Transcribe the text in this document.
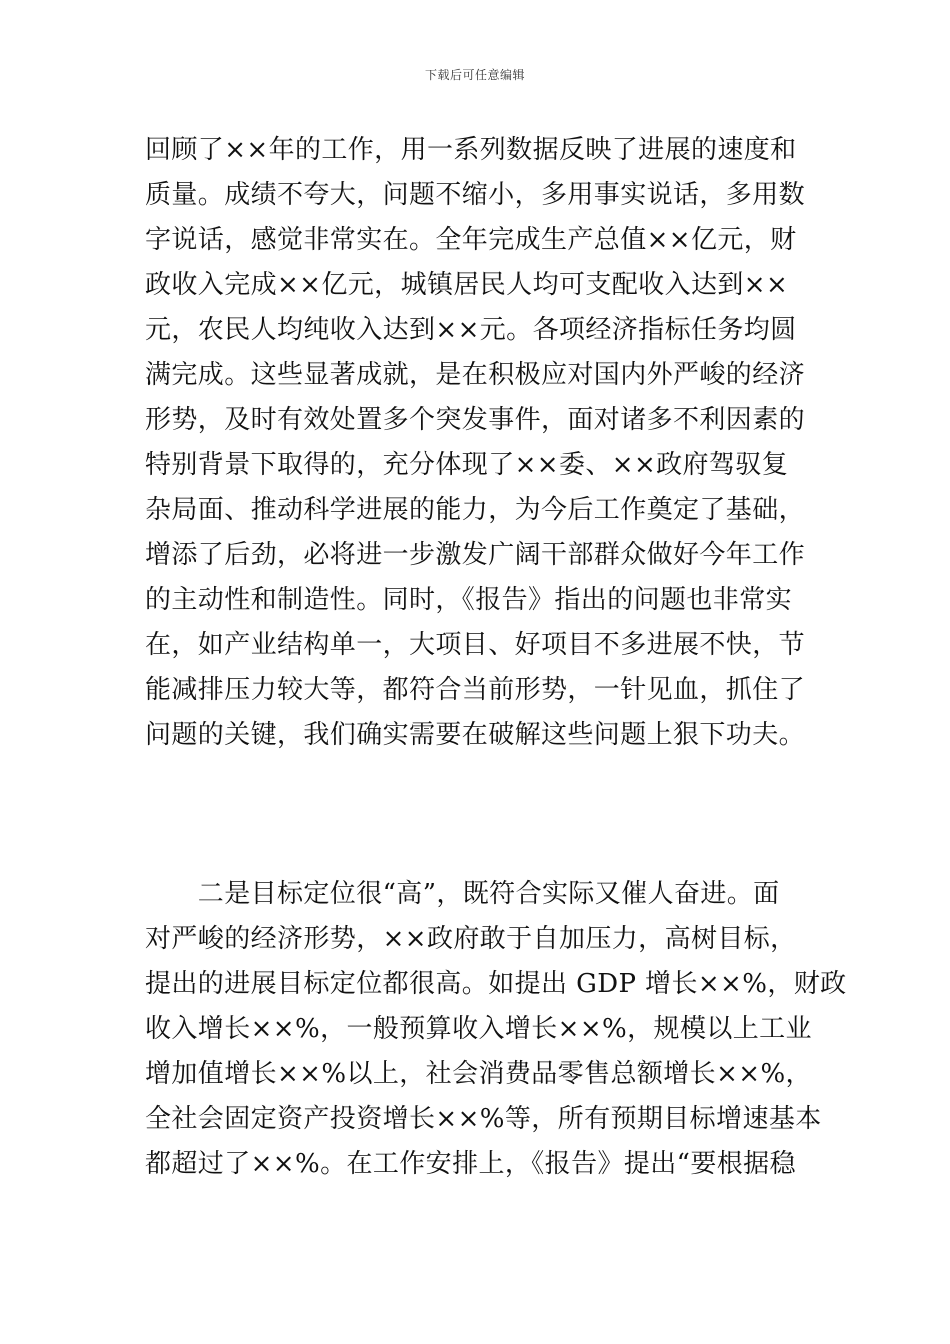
下载后可任意编辑
回顾了××年的工作，用一系列数据反映了进展的速度和
质量。成绩不夸大，问题不缩小，多用事实说话，多用数
字说话，感觉非常实在。全年完成生产总值××亿元，财
政收入完成××亿元，城镇居民人均可支配收入达到××
元，农民人均纯收入达到××元。各项经济指标任务均圆
满完成。这些显著成就，是在积极应对国内外严峻的经济
形势，及时有效处置多个突发事件，面对诸多不利因素的
特别背景下取得的，充分体现了××委、××政府驾驭复
杂局面、推动科学进展的能力，为今后工作奠定了基础，
增添了后劲，必将进一步激发广阔干部群众做好今年工作
的主动性和制造性。同时，《报告》指出的问题也非常实
在，如产业结构单一，大项目、好项目不多进展不快，节
能减排压力较大等，都符合当前形势，一针见血，抓住了
问题的关键，我们确实需要在破解这些问题上狠下功夫。
　　二是目标定位很“高”，既符合实际又催人奋进。面
对严峻的经济形势，××政府敢于自加压力，高树目标，
提出的进展目标定位都很高。如提出 GDP 增长××%，财政
收入增长××%，一般预算收入增长××%，规模以上工业
增加值增长××%以上，社会消费品零售总额增长××%，
全社会固定资产投资增长××%等，所有预期目标增速基本
都超过了××%。在工作安排上，《报告》提出“要根据稳
